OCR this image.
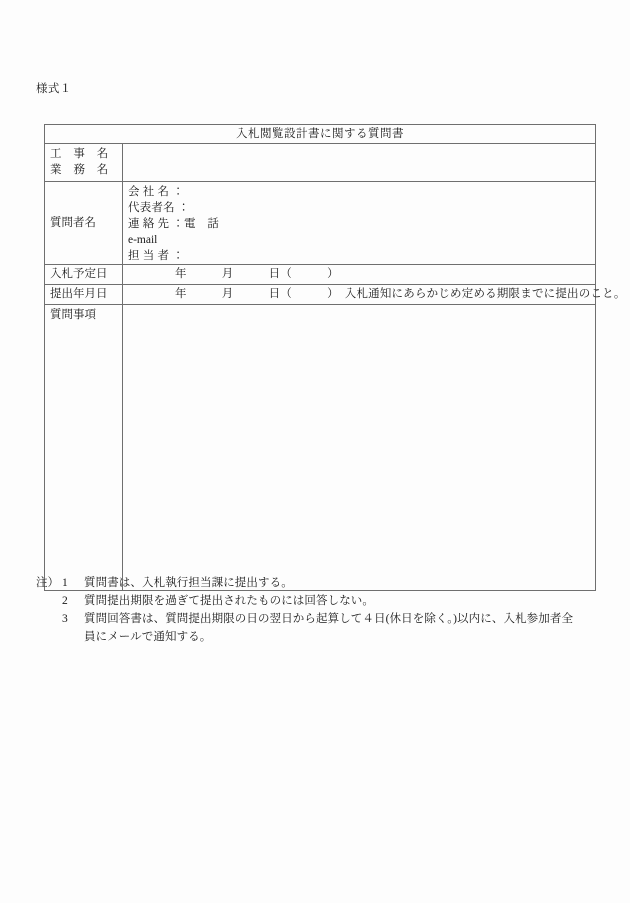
様式１
入札閲覧設計書に関する質問書	

工　事　名
業　務　名	

質問者名	会 社 名 ：
代表者名 ：
連 絡 先 ：電　話
e-mail
担 当 者 ：

入札予定日	年　　　月　　　日（　　　）
提出年月日	年　　　月　　　日（　　　）　入札通知にあらかじめ定める期限までに提出のこと。
質問事項	
注） 1	質問書は、入札執行担当課に提出する。
2	質問提出期限を過ぎて提出されたものには回答しない。
3	質問回答書は、質問提出期限の日の翌日から起算して４日(休日を除く。)以内に、入札参加者全
員にメールで通知する。
